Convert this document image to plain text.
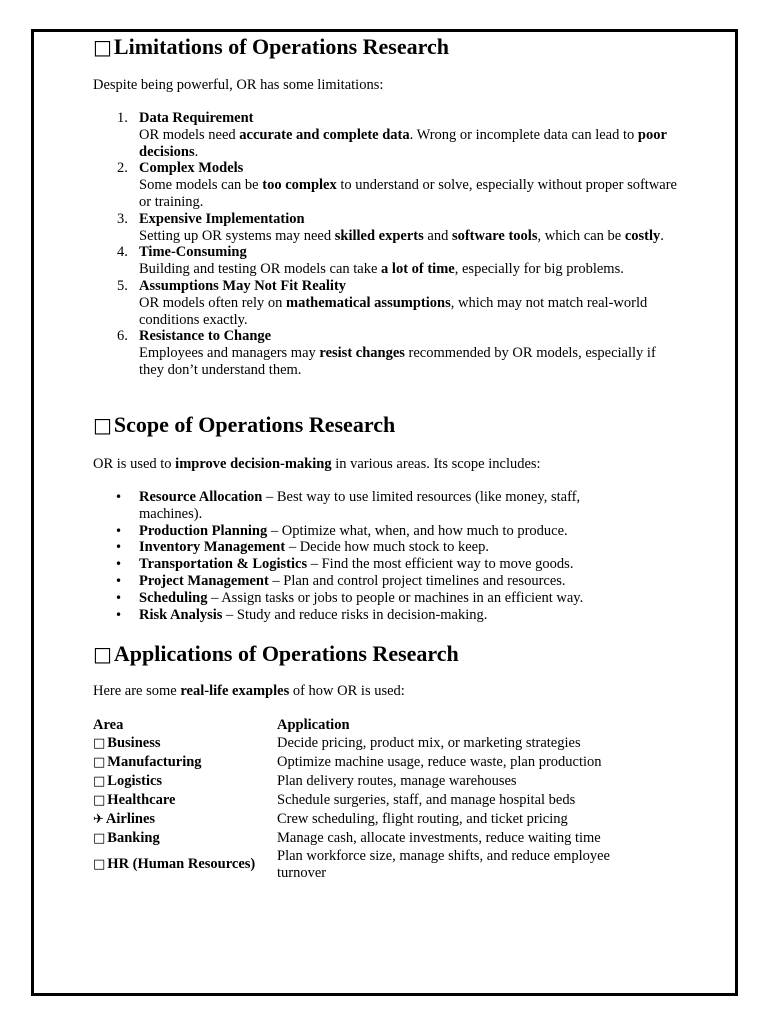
□Limitations of Operations Research

Despite being powerful, OR has some limitations:

1. Data Requirement
OR models need accurate and complete data. Wrong or incomplete data can lead to poor decisions.
2. Complex Models
Some models can be too complex to understand or solve, especially without proper software or training.
3. Expensive Implementation
Setting up OR systems may need skilled experts and software tools, which can be costly.
4. Time-Consuming
Building and testing OR models can take a lot of time, especially for big problems.
5. Assumptions May Not Fit Reality
OR models often rely on mathematical assumptions, which may not match real-world conditions exactly.
6. Resistance to Change
Employees and managers may resist changes recommended by OR models, especially if they don’t understand them.
□Scope of Operations Research

OR is used to improve decision-making in various areas. Its scope includes:

• Resource Allocation – Best way to use limited resources (like money, staff, machines).
• Production Planning – Optimize what, when, and how much to produce.
• Inventory Management – Decide how much stock to keep.
• Transportation & Logistics – Find the most efficient way to move goods.
• Project Management – Plan and control project timelines and resources.
• Scheduling – Assign tasks or jobs to people or machines in an efficient way.
• Risk Analysis – Study and reduce risks in decision-making.
□Applications of Operations Research

Here are some real-life examples of how OR is used:

Area	Application
□ Business	Decide pricing, product mix, or marketing strategies
□ Manufacturing	Optimize machine usage, reduce waste, plan production
□ Logistics	Plan delivery routes, manage warehouses
□ Healthcare	Schedule surgeries, staff, and manage hospital beds
✈ Airlines	Crew scheduling, flight routing, and ticket pricing
□ Banking	Manage cash, allocate investments, reduce waiting time
□ HR (Human Resources)	Plan workforce size, manage shifts, and reduce employee turnover
